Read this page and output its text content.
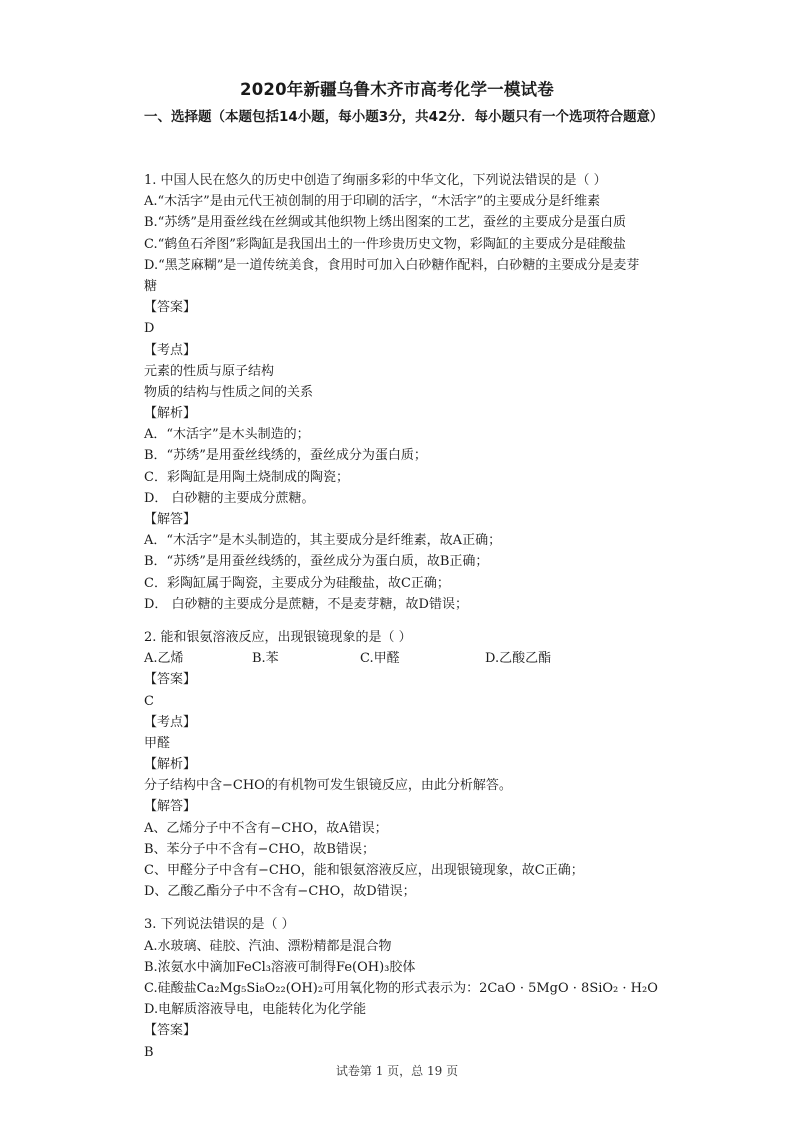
2020年新疆乌鲁木齐市高考化学一模试卷
一、选择题（本题包括14小题，每小题3分，共42分．每小题只有一个选项符合题意）
1. 中国人民在悠久的历史中创造了绚丽多彩的中华文化，下列说法错误的是（ ）
A.“木活字”是由元代王祯创制的用于印刷的活字，“木活字”的主要成分是纤维素
B.“苏绣”是用蚕丝线在丝绸或其他织物上绣出图案的工艺，蚕丝的主要成分是蛋白质
C.“鹤鱼石斧图”彩陶缸是我国出土的一件珍贵历史文物，彩陶缸的主要成分是硅酸盐
D.“黑芝麻糊”是一道传统美食，食用时可加入白砂糖作配料，白砂糖的主要成分是麦芽
糖
【答案】
D
【考点】
元素的性质与原子结构
物质的结构与性质之间的关系
【解析】
A．“木活字”是木头制造的；
B．“苏绣”是用蚕丝线绣的，蚕丝成分为蛋白质；
C．彩陶缸是用陶土烧制成的陶瓷；
D． 白砂糖的主要成分蔗糖。
【解答】
A．“木活字”是木头制造的，其主要成分是纤维素，故A正确；
B．“苏绣”是用蚕丝线绣的，蚕丝成分为蛋白质，故B正确；
C．彩陶缸属于陶瓷，主要成分为硅酸盐，故C正确；
D． 白砂糖的主要成分是蔗糖，不是麦芽糖，故D错误；
2. 能和银氨溶液反应，出现银镜现象的是（ ）
A.乙烯	B.苯	C.甲醛	D.乙酸乙酯
【答案】
C
【考点】
甲醛
【解析】
分子结构中含−CHO的有机物可发生银镜反应，由此分析解答。
【解答】
A、乙烯分子中不含有−CHO，故A错误；
B、苯分子中不含有−CHO，故B错误；
C、甲醛分子中含有−CHO，能和银氨溶液反应，出现银镜现象，故C正确；
D、乙酸乙酯分子中不含有−CHO，故D错误；
3. 下列说法错误的是（ ）
A.水玻璃、硅胶、汽油、漂粉精都是混合物
B.浓氨水中滴加FeCl₃溶液可制得Fe(OH)₃胶体
C.硅酸盐Ca₂Mg₅Si₈O₂₂(OH)₂可用氧化物的形式表示为：2CaO · 5MgO · 8SiO₂ · H₂O
D.电解质溶液导电，电能转化为化学能
【答案】
B
试卷第 1 页，总 19 页
